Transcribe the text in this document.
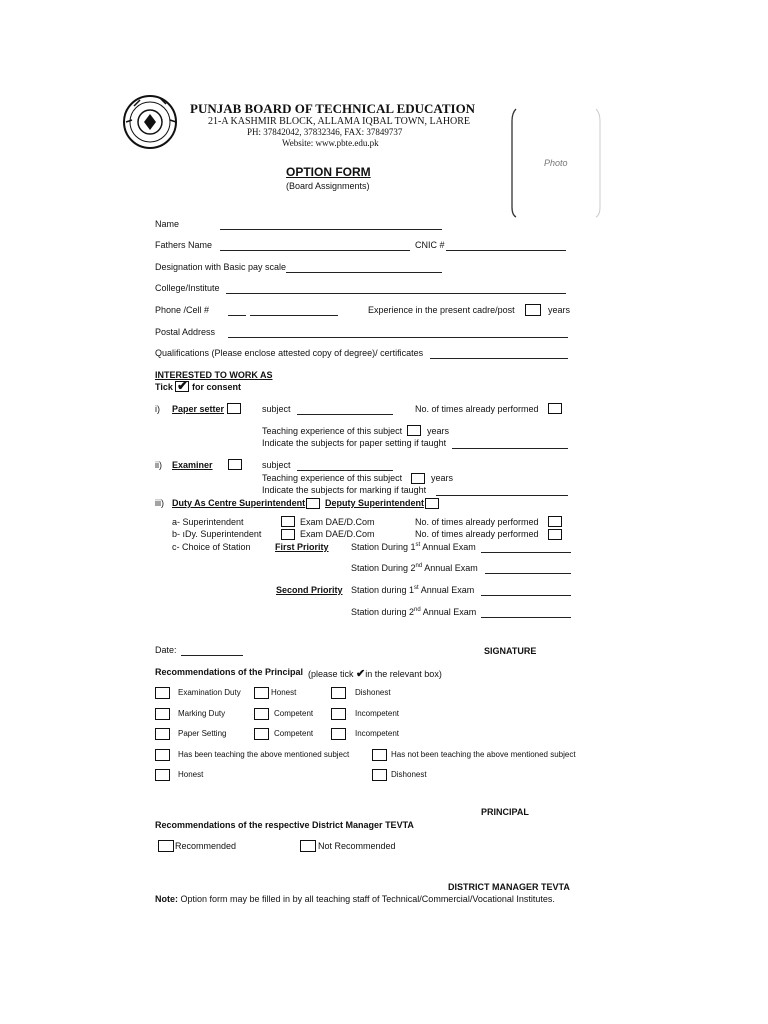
PUNJAB BOARD OF TECHNICAL EDUCATION
21-A KASHMIR BLOCK, ALLAMA IQBAL TOWN, LAHORE
PH: 37842042, 37832346, FAX: 37849737
Website: www.pbte.edu.pk
OPTION FORM
(Board Assignments)
Photo
Name
Fathers Name	CNIC #
Designation with Basic pay scale
College/Institute
Phone /Cell #	Experience in the present cadre/post	years
Postal Address
Qualifications (Please enclose attested copy of degree)/ certificates
INTERESTED TO WORK AS
Tick ✔ for consent
i) Paper setter	subject	No. of times already performed
Teaching experience of this subject	years
Indicate the subjects for paper setting if taught
ii) Examiner	subject
Teaching experience of this subject	years
Indicate the subjects for marking if taught
iii) Duty As Centre Superintendent Deputy Superintendent
a- Superintendent	Exam DAE/D.Com	No. of times already performed
b- ıDy. Superintendent	Exam DAE/D.Com	No. of times already performed
c- Choice of Station	First Priority Station During 1st Annual Exam
Station During 2nd Annual Exam
Second Priority Station during 1st Annual Exam
Station during 2nd Annual Exam
Date:	SIGNATURE
Recommendations of the Principal (please tick ✔in the relevant box)
Examination Duty	Honest	Dishonest
Marking Duty	Competent	Incompetent
Paper Setting	Competent	Incompetent
Has been teaching the above mentioned subject	Has not been teaching the above mentioned subject
Honest	Dishonest
PRINCIPAL
Recommendations of the respective District Manager TEVTA
Recommended	Not Recommended
DISTRICT MANAGER TEVTA
Note: Option form may be filled in by all teaching staff of Technical/Commercial/Vocational Institutes.
